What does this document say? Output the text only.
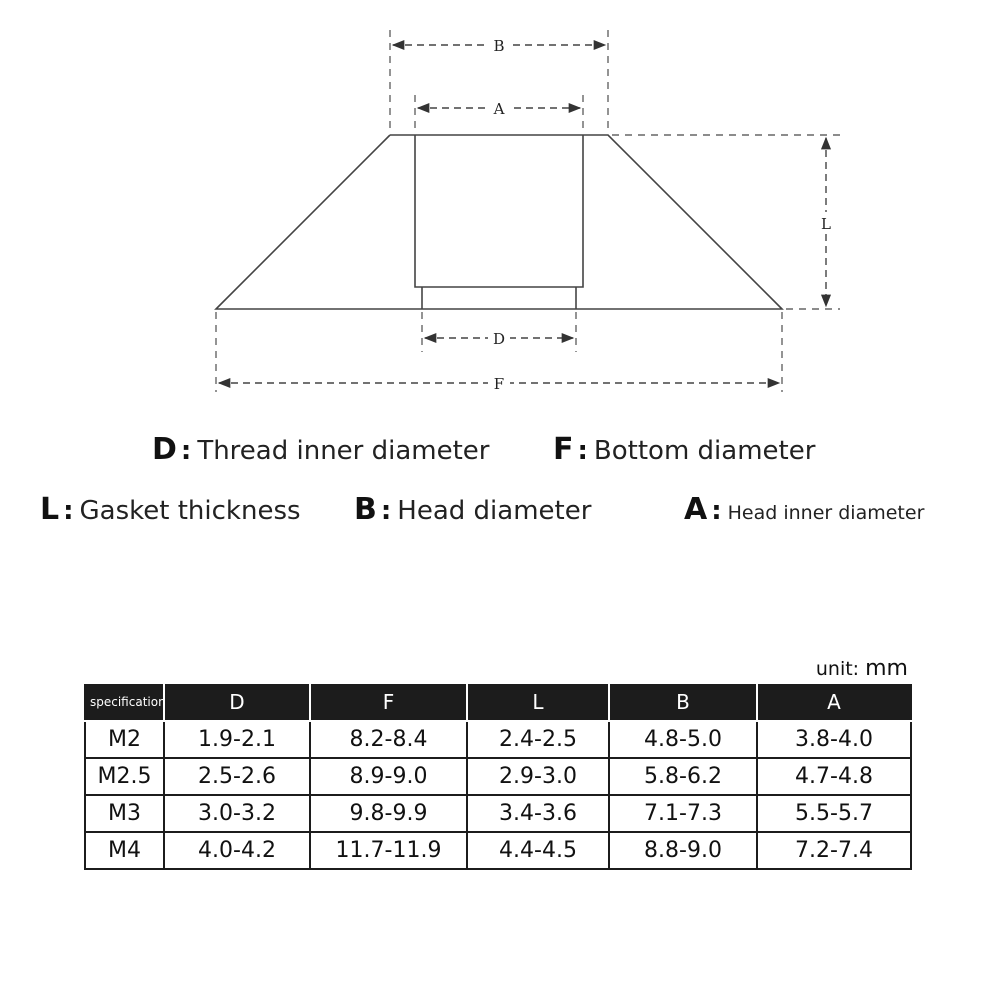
B
A
L
D
F
D : Thread inner diameter F : Bottom diameter
L : Gasket thickness B : Head diameter	A : Head inner diameter
unit: mm
specification	D	F	L	B	A
M2	1.9-2.1	8.2-8.4	2.4-2.5	4.8-5.0	3.8-4.0
M2.5	2.5-2.6	8.9-9.0	2.9-3.0	5.8-6.2	4.7-4.8
M3	3.0-3.2	9.8-9.9	3.4-3.6	7.1-7.3	5.5-5.7
M4	4.0-4.2	11.7-11.9	4.4-4.5	8.8-9.0	7.2-7.4
